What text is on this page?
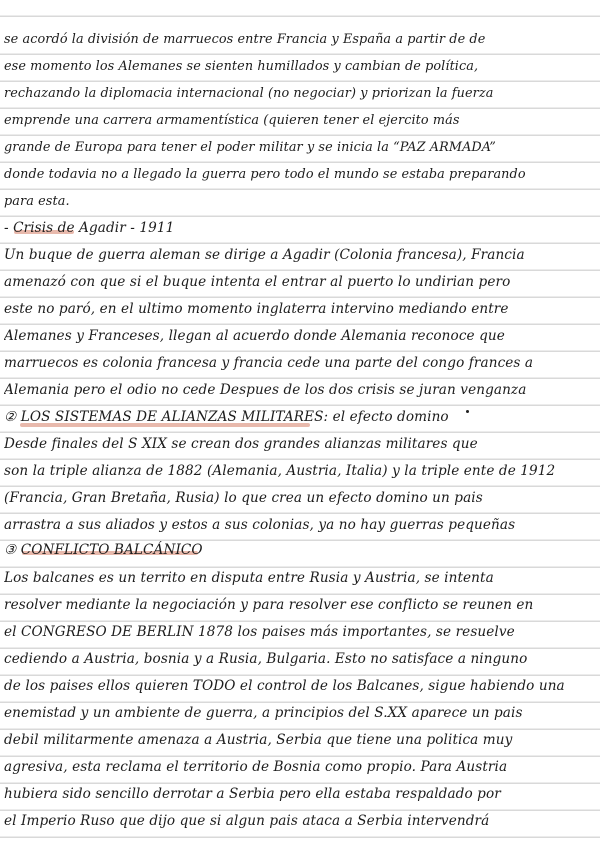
se acordó la división de marruecos entre Francia y España a partir de de
ese momento los Alemanes se sienten humillados y cambian de política,
rechazando la diplomacia internacional (no negociar) y priorizan la fuerza
emprende una carrera armamentística (quieren tener el ejercito más
grande de Europa para tener el poder militar y se inicia la “PAZ ARMADA”
donde todavia no a llegado la guerra pero todo el mundo se estaba preparando
para esta.
- Crisis de Agadir - 1911
Un buque de guerra aleman se dirige a Agadir (Colonia francesa), Francia
amenazó con que si el buque intenta el entrar al puerto lo undirian pero
este no paró, en el ultimo momento inglaterra intervino mediando entre
Alemanes y Franceses, llegan al acuerdo donde Alemania reconoce que
marruecos es colonia francesa y francia cede una parte del congo frances a
Alemania pero el odio no cede Despues de los dos crisis se juran venganza
② LOS SISTEMAS DE ALIANZAS MILITARES: el efecto domino
Desde finales del S XIX se crean dos grandes alianzas militares que
son la triple alianza de 1882 (Alemania, Austria, Italia) y la triple ente de 1912
(Francia, Gran Bretaña, Rusia) lo que crea un efecto domino un pais
arrastra a sus aliados y estos a sus colonias, ya no hay guerras pequeñas
③ CONFLICTO BALCÁNICO
Los balcanes es un territo en disputa entre Rusia y Austria, se intenta
resolver mediante la negociación y para resolver ese conflicto se reunen en
el CONGRESO DE BERLIN 1878 los paises más importantes, se resuelve
cediendo a Austria, bosnia y a Rusia, Bulgaria. Esto no satisface a ninguno
de los paises ellos quieren TODO el control de los Balcanes, sigue habiendo una
enemistad y un ambiente de guerra, a principios del S.XX aparece un pais
debil militarmente amenaza a Austria, Serbia que tiene una politica muy
agresiva, esta reclama el territorio de Bosnia como propio. Para Austria
hubiera sido sencillo derrotar a Serbia pero ella estaba respaldado por
el Imperio Ruso que dijo que si algun pais ataca a Serbia intervendrá
